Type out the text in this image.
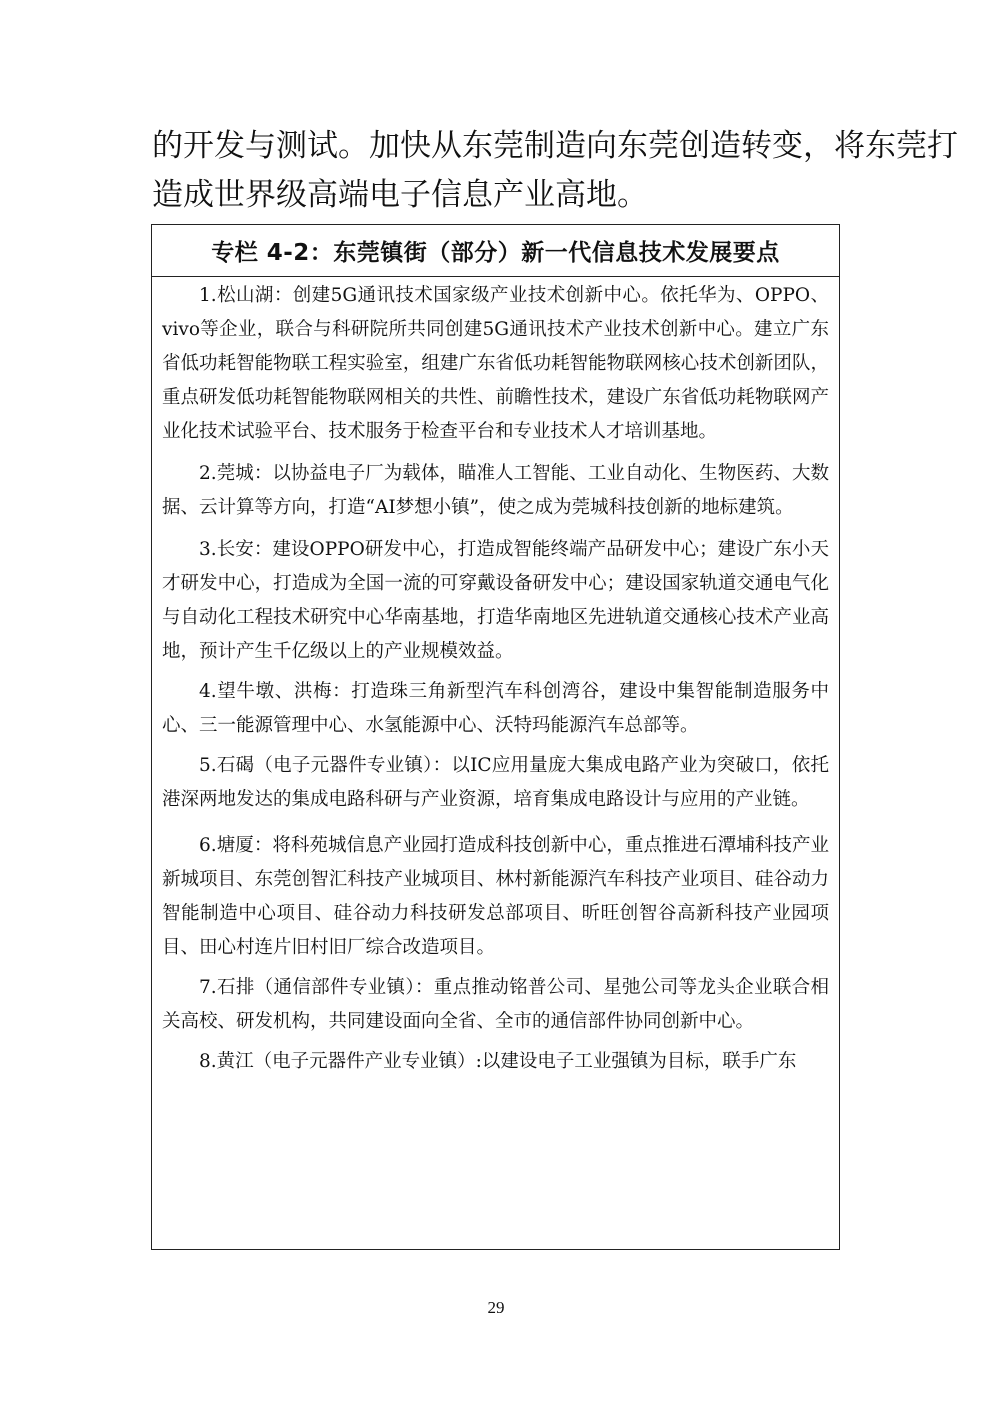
的开发与测试。加快从东莞制造向东莞创造转变，将东莞打
造成世界级高端电子信息产业高地。
专栏 4-2：东莞镇街（部分）新一代信息技术发展要点

1.松山湖：创建5G通讯技术国家级产业技术创新中心。依托华为、OPPO、vivo等企业，联合与科研院所共同创建5G通讯技术产业技术创新中心。建立广东省低功耗智能物联工程实验室，组建广东省低功耗智能物联网核心技术创新团队，重点研发低功耗智能物联网相关的共性、前瞻性技术，建设广东省低功耗物联网产业化技术试验平台、技术服务于检查平台和专业技术人才培训基地。

2.莞城：以协益电子厂为载体，瞄准人工智能、工业自动化、生物医药、大数据、云计算等方向，打造“AI梦想小镇”，使之成为莞城科技创新的地标建筑。

3.长安：建设OPPO研发中心，打造成智能终端产品研发中心；建设广东小天才研发中心，打造成为全国一流的可穿戴设备研发中心；建设国家轨道交通电气化与自动化工程技术研究中心华南基地，打造华南地区先进轨道交通核心技术产业高地，预计产生千亿级以上的产业规模效益。

4.望牛墩、洪梅：打造珠三角新型汽车科创湾谷，建设中集智能制造服务中心、三一能源管理中心、水氢能源中心、沃特玛能源汽车总部等。

5.石碣（电子元器件专业镇）：以IC应用量庞大集成电路产业为突破口，依托港深两地发达的集成电路科研与产业资源，培育集成电路设计与应用的产业链。

6.塘厦：将科苑城信息产业园打造成科技创新中心，重点推进石潭埔科技产业新城项目、东莞创智汇科技产业城项目、林村新能源汽车科技产业项目、硅谷动力智能制造中心项目、硅谷动力科技研发总部项目、昕旺创智谷高新科技产业园项目、田心村连片旧村旧厂综合改造项目。

7.石排（通信部件专业镇）：重点推动铭普公司、星弛公司等龙头企业联合相关高校、研发机构，共同建设面向全省、全市的通信部件协同创新中心。

8.黄江（电子元器件产业专业镇）:以建设电子工业强镇为目标，联手广东

29
